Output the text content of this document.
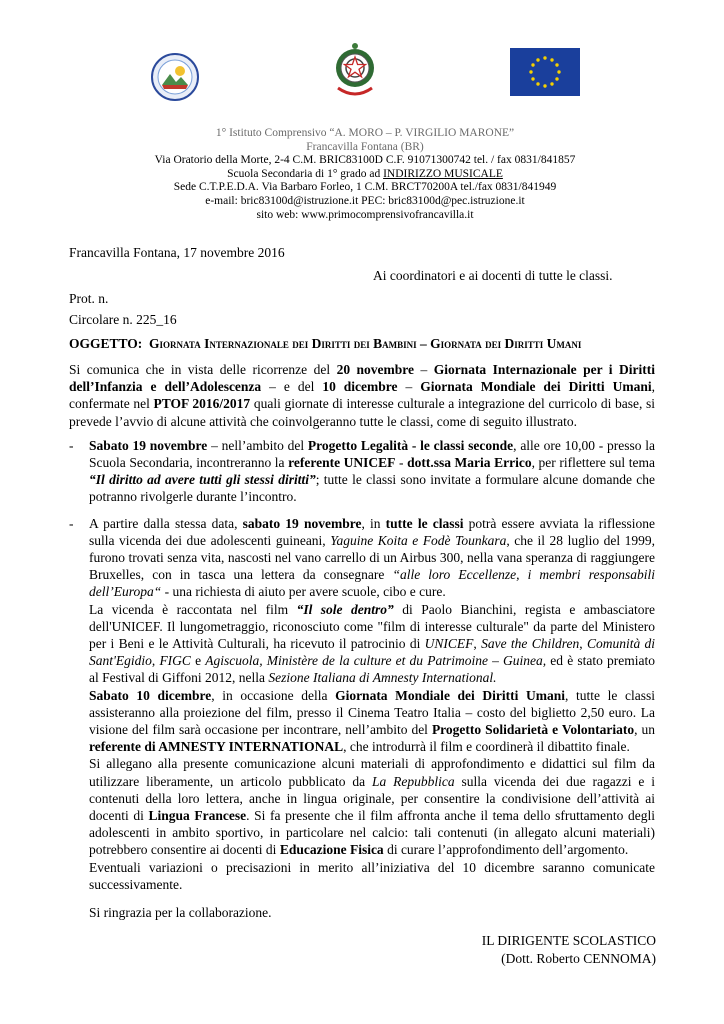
1° Istituto Comprensivo “A. MORO – P. VIRGILIO MARONE”
Francavilla Fontana (BR)
Via Oratorio della Morte, 2-4 C.M. BRIC83100D C.F. 91071300742 tel. / fax 0831/841857
Scuola Secondaria di 1° grado ad INDIRIZZO MUSICALE
Sede C.T.P.E.D.A. Via Barbaro Forleo, 1 C.M. BRCT70200A tel./fax 0831/841949
e-mail: bric83100d@istruzione.it PEC: bric83100d@pec.istruzione.it
sito web: www.primocomprensivofrancavilla.it
Francavilla Fontana, 17 novembre 2016
Ai coordinatori e ai docenti di tutte le classi.
Prot. n.
Circolare n. 225_16
OGGETTO: Giornata Internazionale dei Diritti dei Bambini – Giornata dei Diritti Umani

Si comunica che in vista delle ricorrenze del 20 novembre – Giornata Internazionale per i Diritti dell’Infanzia e dell’Adolescenza – e del 10 dicembre – Giornata Mondiale dei Diritti Umani, confermate nel PTOF 2016/2017 quali giornate di interesse culturale a integrazione del curricolo di base, si prevede l’avvio di alcune attività che coinvolgeranno tutte le classi, come di seguito illustrato.

- Sabato 19 novembre – nell’ambito del Progetto Legalità - le classi seconde, alle ore 10,00 - presso la Scuola Secondaria, incontreranno la referente UNICEF - dott.ssa Maria Errico, per riflettere sul tema “Il diritto ad avere tutti gli stessi diritti”; tutte le classi sono invitate a formulare alcune domande che potranno rivolgerle durante l’incontro.

- A partire dalla stessa data, sabato 19 novembre, in tutte le classi potrà essere avviata la riflessione sulla vicenda dei due adolescenti guineani, Yaguine Koita e Fodè Tounkara, che il 28 luglio del 1999, furono trovati senza vita, nascosti nel vano carrello di un Airbus 300, nella vana speranza di raggiungere Bruxelles, con in tasca una lettera da consegnare “alle loro Eccellenze, i membri responsabili dell’Europa“ - una richiesta di aiuto per avere scuole, cibo e cure.

La vicenda è raccontata nel film “Il sole dentro” di Paolo Bianchini, regista e ambasciatore dell'UNICEF. Il lungometraggio, riconosciuto come "film di interesse culturale" da parte del Ministero per i Beni e le Attività Culturali, ha ricevuto il patrocinio di UNICEF, Save the Children, Comunità di Sant'Egidio, FIGC e Agiscuola, Ministère de la culture et du Patrimoine – Guinea, ed è stato premiato al Festival di Giffoni 2012, nella Sezione Italiana di Amnesty International.

Sabato 10 dicembre, in occasione della Giornata Mondiale dei Diritti Umani, tutte le classi assisteranno alla proiezione del film, presso il Cinema Teatro Italia – costo del biglietto 2,50 euro. La visione del film sarà occasione per incontrare, nell’ambito del Progetto Solidarietà e Volontariato, un referente di AMNESTY INTERNATIONAL, che introdurrà il film e coordinerà il dibattito finale.

Si allegano alla presente comunicazione alcuni materiali di approfondimento e didattici sul film da utilizzare liberamente, un articolo pubblicato da La Repubblica sulla vicenda dei due ragazzi e i contenuti della loro lettera, anche in lingua originale, per consentire la condivisione dell’attività ai docenti di Lingua Francese. Si fa presente che il film affronta anche il tema dello sfruttamento degli adolescenti in ambito sportivo, in particolare nel calcio: tali contenuti (in allegato alcuni materiali) potrebbero consentire ai docenti di Educazione Fisica di curare l’approfondimento dell’argomento.

Eventuali variazioni o precisazioni in merito all’iniziativa del 10 dicembre saranno comunicate successivamente.

Si ringrazia per la collaborazione.

IL DIRIGENTE SCOLASTICO
(Dott. Roberto CENNOMA)
